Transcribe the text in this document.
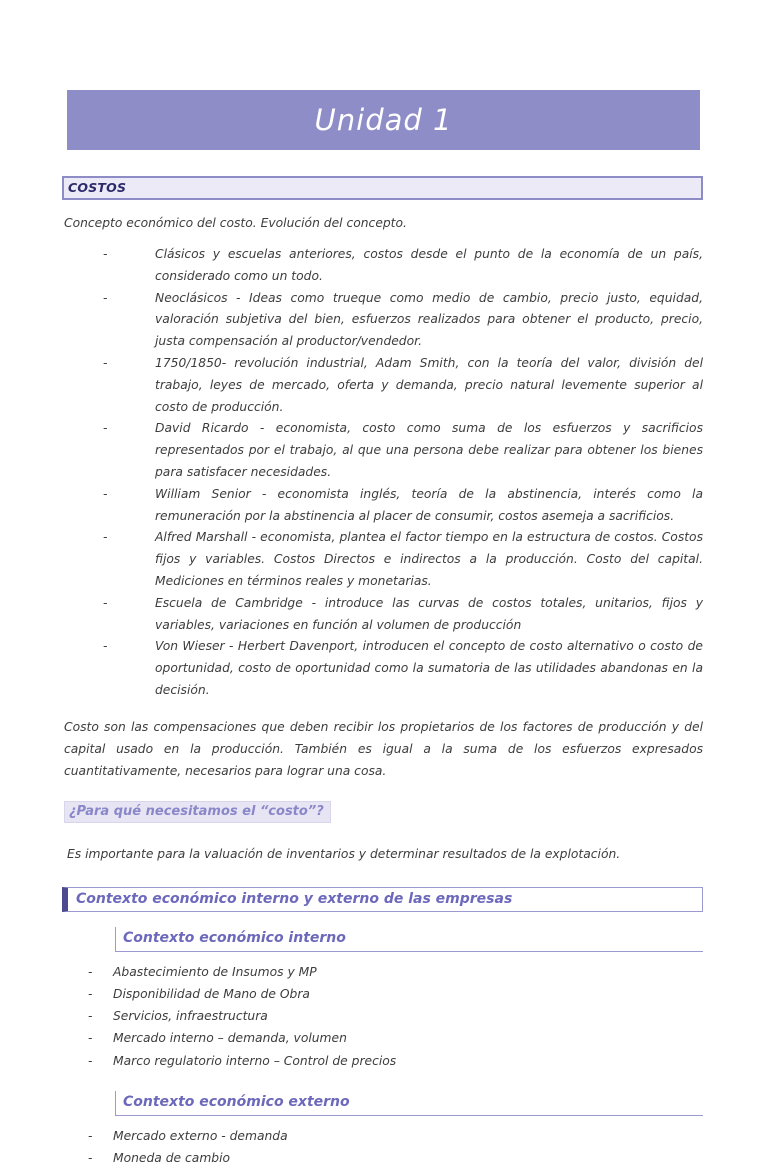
Unidad 1
COSTOS

Concepto económico del costo. Evolución del concepto.

-	Clásicos y escuelas anteriores, costos desde el punto de la economía de un país, considerado como un todo.
-	Neoclásicos - Ideas como trueque como medio de cambio, precio justo, equidad, valoración subjetiva del bien, esfuerzos realizados para obtener el producto, precio, justa compensación al productor/vendedor.
-	1750/1850- revolución industrial, Adam Smith, con la teoría del valor, división del trabajo, leyes de mercado, oferta y demanda, precio natural levemente superior al costo de producción.
-	David Ricardo - economista, costo como suma de los esfuerzos y sacrificios representados por el trabajo, al que una persona debe realizar para obtener los bienes para satisfacer necesidades.
-	William Senior - economista inglés, teoría de la abstinencia, interés como la remuneración por la abstinencia al placer de consumir, costos asemeja a sacrificios.
-	Alfred Marshall - economista, plantea el factor tiempo en la estructura de costos. Costos fijos y variables. Costos Directos e indirectos a la producción. Costo del capital. Mediciones en términos reales y monetarias.
-	Escuela de Cambridge - introduce las curvas de costos totales, unitarios, fijos y variables, variaciones en función al volumen de producción
-	Von Wieser - Herbert Davenport, introducen el concepto de costo alternativo o costo de oportunidad, costo de oportunidad como la sumatoria de las utilidades abandonas en la decisión.

Costo son las compensaciones que deben recibir los propietarios de los factores de producción y del capital usado en la producción. También es igual a la suma de los esfuerzos expresados cuantitativamente, necesarios para lograr una cosa.

¿Para qué necesitamos el “costo”?

Es importante para la valuación de inventarios y determinar resultados de la explotación.

Contexto económico interno y externo de las empresas
Contexto económico interno
- Abastecimiento de Insumos y MP
- Disponibilidad de Mano de Obra
- Servicios, infraestructura
- Mercado interno – demanda, volumen
- Marco regulatorio interno – Control de precios
Contexto económico externo
- Mercado externo - demanda
- Moneda de cambio
